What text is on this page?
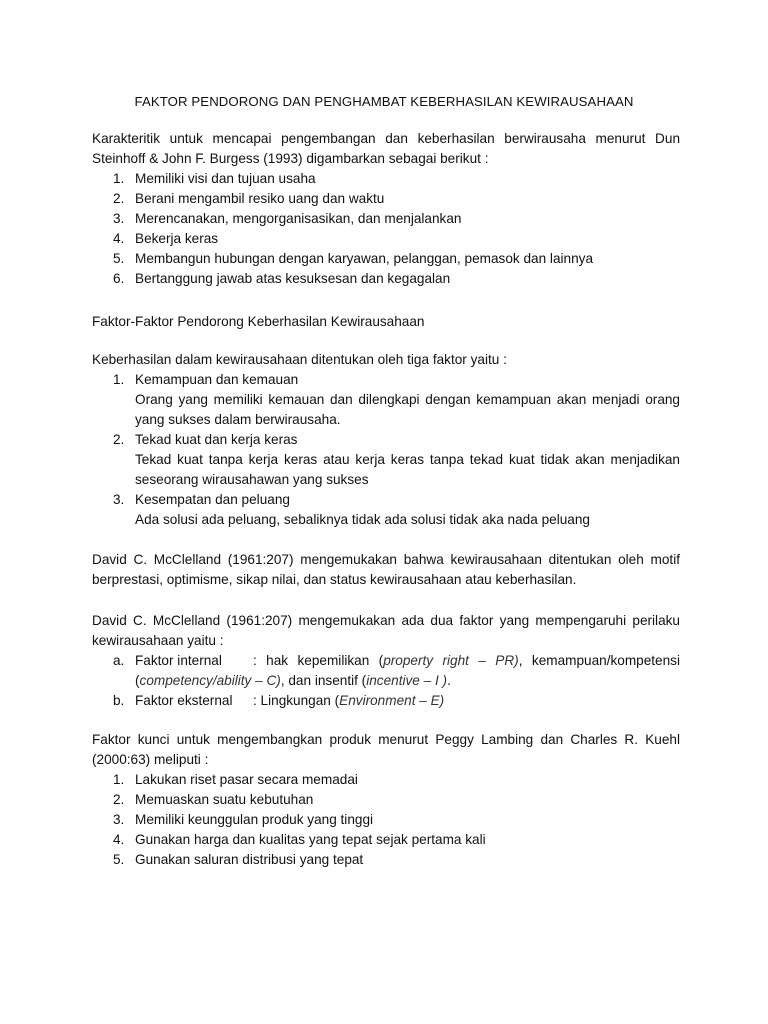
FAKTOR PENDORONG DAN PENGHAMBAT KEBERHASILAN KEWIRAUSAHAAN
Karakteritik untuk mencapai pengembangan dan keberhasilan berwirausaha menurut Dun Steinhoff & John F. Burgess (1993) digambarkan sebagai berikut :
1. Memiliki visi dan tujuan usaha
2. Berani mengambil resiko uang dan waktu
3. Merencanakan, mengorganisasikan, dan menjalankan
4. Bekerja keras
5. Membangun hubungan dengan karyawan, pelanggan, pemasok dan lainnya
6. Bertanggung jawab atas kesuksesan dan kegagalan
Faktor-Faktor Pendorong Keberhasilan Kewirausahaan
Keberhasilan dalam kewirausahaan ditentukan oleh tiga faktor yaitu :
1. Kemampuan dan kemauan
Orang yang memiliki kemauan dan dilengkapi dengan kemampuan akan menjadi orang yang sukses dalam berwirausaha.
2. Tekad kuat dan kerja keras
Tekad kuat tanpa kerja keras atau kerja keras tanpa tekad kuat tidak akan menjadikan seseorang wirausahawan yang sukses
3. Kesempatan dan peluang
Ada solusi ada peluang, sebaliknya tidak ada solusi tidak aka nada peluang
David C. McClelland (1961:207) mengemukakan bahwa kewirausahaan ditentukan oleh motif berprestasi, optimisme, sikap nilai, dan status kewirausahaan atau keberhasilan.
David C. McClelland (1961:207) mengemukakan ada dua faktor yang mempengaruhi perilaku kewirausahaan yaitu :
a. Faktor internal : hak kepemilikan (property right – PR), kemampuan/kompetensi (competency/ability – C), dan insentif (incentive – I ).
b. Faktor eksternal : Lingkungan (Environment – E)
Faktor kunci untuk mengembangkan produk menurut Peggy Lambing dan Charles R. Kuehl (2000:63) meliputi :
1. Lakukan riset pasar secara memadai
2. Memuaskan suatu kebutuhan
3. Memiliki keunggulan produk yang tinggi
4. Gunakan harga dan kualitas yang tepat sejak pertama kali
5. Gunakan saluran distribusi yang tepat
